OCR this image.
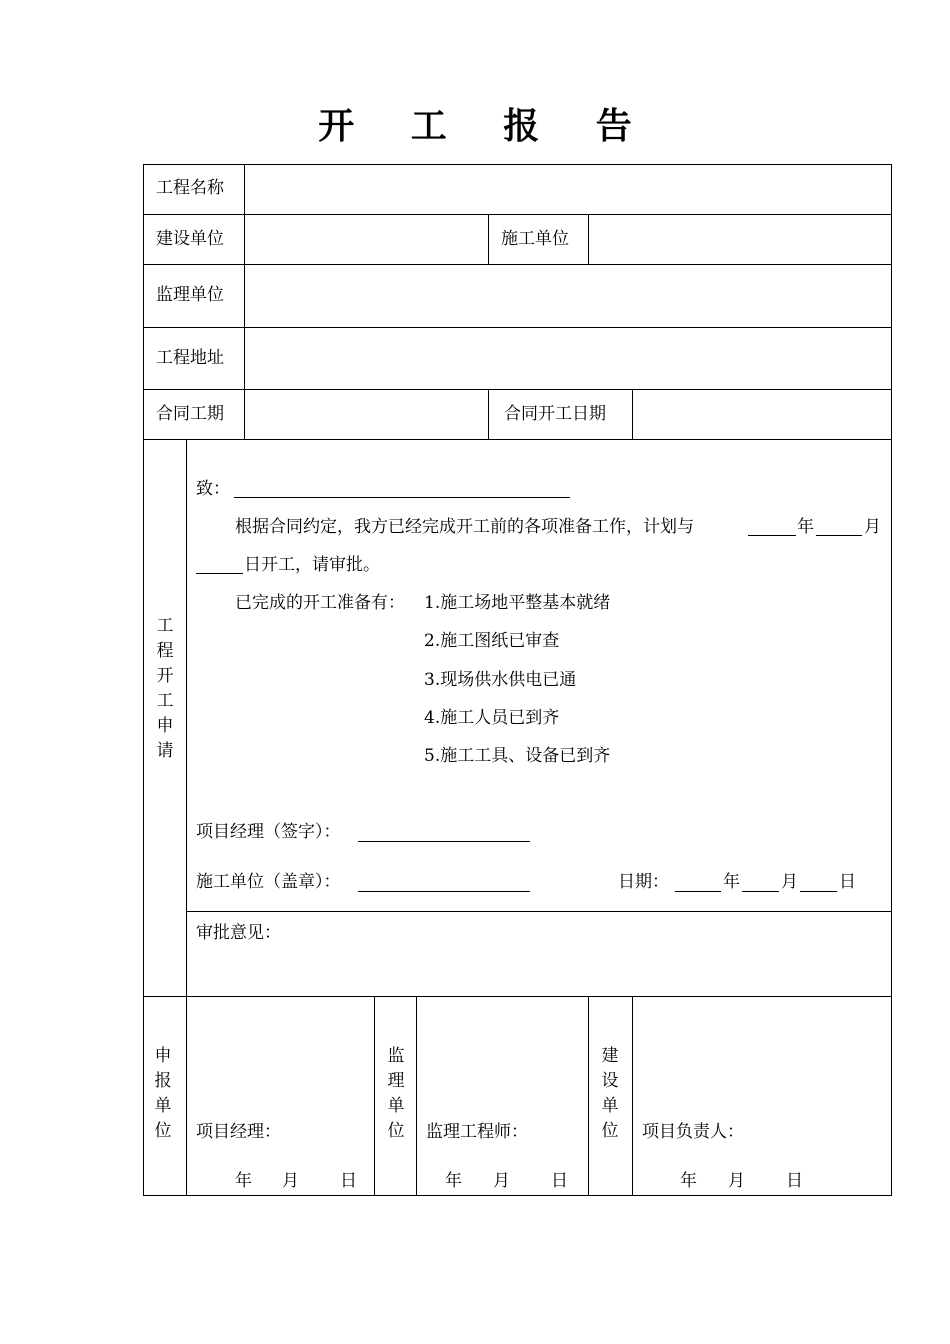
开 工 报 告
工程名称
建设单位	施工单位
监理单位
工程地址
合同工期	合同开工日期
工程开工申请
致：
根据合同约定，我方已经完成开工前的各项准备工作，计划与	年	月
日开工，请审批。
已完成的开工准备有： 1.施工场地平整基本就绪
2.施工图纸已审查
3.现场供水供电已通
4.施工人员已到齐
5.施工工具、设备已到齐
项目经理（签字）：
施工单位（盖章）：	日期：	年 月 日
审批意见：
申报单位 项目经理：
年 月 日
监理单位 监理工程师：
年 月 日
建设单位 项目负责人：
年 月 日
